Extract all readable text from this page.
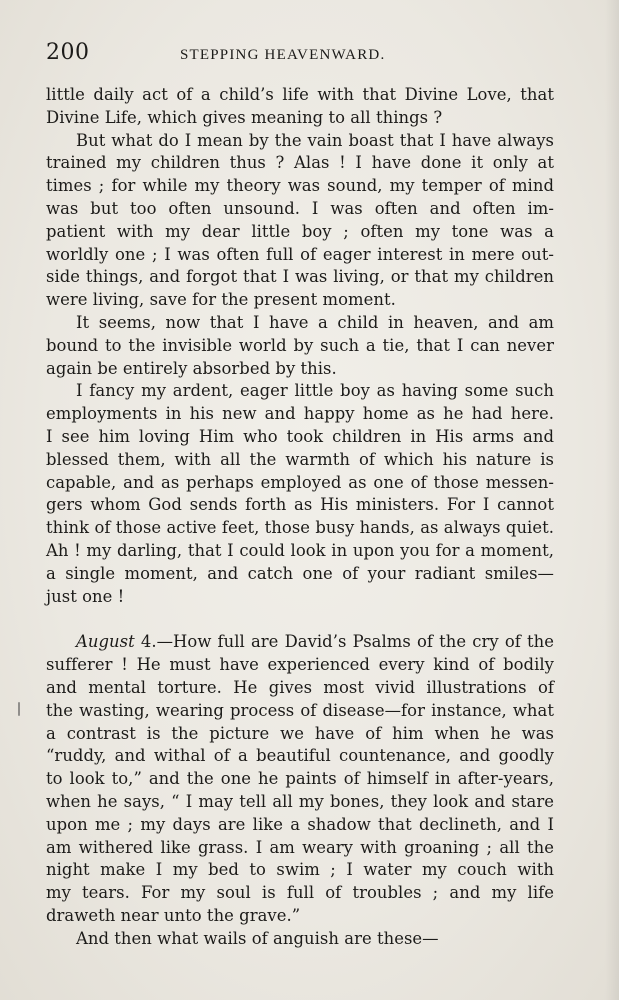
200	STEPPING HEAVENWARD.
little daily act of a child’s life with that Divine Love, that
Divine Life, which gives meaning to all things ?
But what do I mean by the vain boast that I have always
trained my children thus ? Alas ! I have done it only at
times ; for while my theory was sound, my temper of mind
was but too often unsound. I was often and often im-
patient with my dear little boy ; often my tone was a
worldly one ; I was often full of eager interest in mere out-
side things, and forgot that I was living, or that my children
were living, save for the present moment.
It seems, now that I have a child in heaven, and am
bound to the invisible world by such a tie, that I can never
again be entirely absorbed by this.
I fancy my ardent, eager little boy as having some such
employments in his new and happy home as he had here.
I see him loving Him who took children in His arms and
blessed them, with all the warmth of which his nature is
capable, and as perhaps employed as one of those messen-
gers whom God sends forth as His ministers. For I cannot
think of those active feet, those busy hands, as always quiet.
Ah ! my darling, that I could look in upon you for a moment,
a single moment, and catch one of your radiant smiles—
just one !
August 4.—How full are David’s Psalms of the cry of the
sufferer ! He must have experienced every kind of bodily
and mental torture. He gives most vivid illustrations of
the wasting, wearing process of disease—for instance, what
a contrast is the picture we have of him when he was
“ruddy, and withal of a beautiful countenance, and goodly
to look to,” and the one he paints of himself in after-years,
when he says, “ I may tell all my bones, they look and stare
upon me ; my days are like a shadow that declineth, and I
am withered like grass. I am weary with groaning ; all the
night make I my bed to swim ; I water my couch with
my tears. For my soul is full of troubles ; and my life
draweth near unto the grave.”
And then what wails of anguish are these—
